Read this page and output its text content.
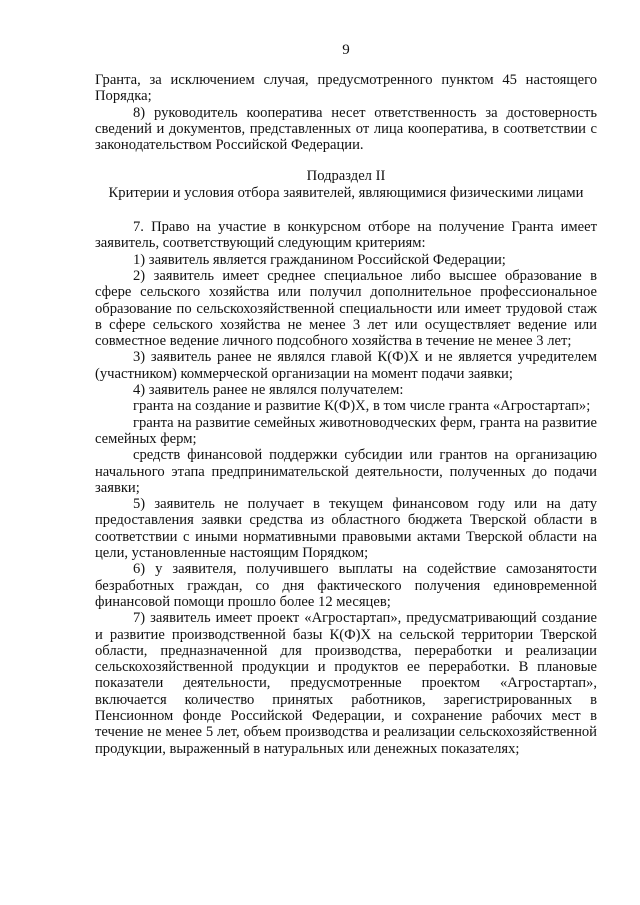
9

Гранта, за исключением случая, предусмотренного пунктом 45 настоящего Порядка;

8) руководитель кооператива несет ответственность за достоверность сведений и документов, представленных от лица кооператива, в соответствии с законодательством Российской Федерации.

Подраздел II

Критерии и условия отбора заявителей, являющимися физическими лицами

7. Право на участие в конкурсном отборе на получение Гранта имеет заявитель, соответствующий следующим критериям:

1) заявитель является гражданином Российской Федерации;

2) заявитель имеет среднее специальное либо высшее образование в сфере сельского хозяйства или получил дополнительное профессиональное образование по сельскохозяйственной специальности или имеет трудовой стаж в сфере сельского хозяйства не менее 3 лет или осуществляет ведение или совместное ведение личного подсобного хозяйства в течение не менее 3 лет;

3) заявитель ранее не являлся главой К(Ф)Х и не является учредителем (участником) коммерческой организации на момент подачи заявки;

4) заявитель ранее не являлся получателем:

гранта на создание и развитие К(Ф)Х, в том числе гранта «Агростартап»;

гранта на развитие семейных животноводческих ферм, гранта на развитие семейных ферм;

средств финансовой поддержки субсидии или грантов на организацию начального этапа предпринимательской деятельности, полученных до подачи заявки;

5) заявитель не получает в текущем финансовом году или на дату предоставления заявки средства из областного бюджета Тверской области в соответствии с иными нормативными правовыми актами Тверской области на цели, установленные настоящим Порядком;

6) у заявителя, получившего выплаты на содействие самозанятости безработных граждан, со дня фактического получения единовременной финансовой помощи прошло более 12 месяцев;

7) заявитель имеет проект «Агростартап», предусматривающий создание и развитие производственной базы К(Ф)Х на сельской территории Тверской области, предназначенной для производства, переработки и реализации сельскохозяйственной продукции и продуктов ее переработки. В плановые показатели деятельности, предусмотренные проектом «Агростартап», включается количество принятых работников, зарегистрированных в Пенсионном фонде Российской Федерации, и сохранение рабочих мест в течение не менее 5 лет, объем производства и реализации сельскохозяйственной продукции, выраженный в натуральных или денежных показателях;
